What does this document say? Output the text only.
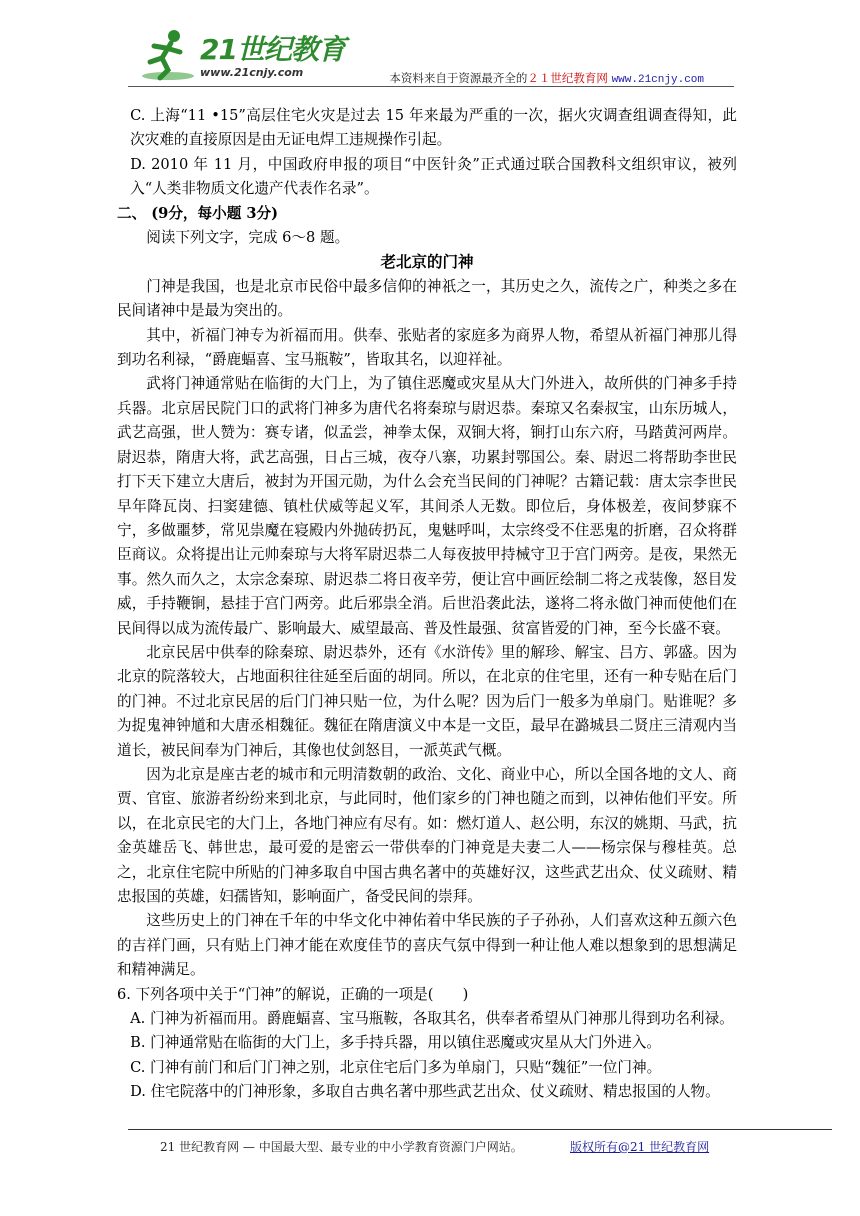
21世纪教育
www.21cnjy.com	本资料来自于资源最齐全的２１世纪教育网 www.21cnjy.com

C. 上海“11 •15”高层住宅火灾是过去 15 年来最为严重的一次，据火灾调查组调查得知，此次灾难的直接原因是由无证电焊工违规操作引起。

D. 2010 年 11 月，中国政府申报的项目“中医针灸”正式通过联合国教科文组织审议，被列入“人类非物质文化遗产代表作名录”。

二、 (9分，每小题 3分)

阅读下列文字，完成 6～8 题。

老北京的门神

门神是我国，也是北京市民俗中最多信仰的神祇之一，其历史之久，流传之广，种类之多在民间诸神中是最为突出的。

其中，祈福门神专为祈福而用。供奉、张贴者的家庭多为商界人物，希望从祈福门神那儿得到功名利禄，“爵鹿蝠喜、宝马瓶鞍”，皆取其名，以迎祥祉。

武将门神通常贴在临街的大门上，为了镇住恶魔或灾星从大门外进入，故所供的门神多手持兵器。北京居民院门口的武将门神多为唐代名将秦琼与尉迟恭。秦琼又名秦叔宝，山东历城人，武艺高强，世人赞为：赛专诸，似孟尝，神拳太保，双锏大将，锏打山东六府，马踏黄河两岸。尉迟恭，隋唐大将，武艺高强，日占三城，夜夺八寨，功累封鄂国公。秦、尉迟二将帮助李世民打下天下建立大唐后，被封为开国元勋，为什么会充当民间的门神呢？古籍记载：唐太宗李世民早年降瓦岗、扫窦建德、镇杜伏威等起义军，其间杀人无数。即位后，身体极差，夜间梦寐不宁，多做噩梦，常见祟魔在寝殿内外抛砖扔瓦，鬼魅呼叫，太宗终受不住恶鬼的折磨，召众将群臣商议。众将提出让元帅秦琼与大将军尉迟恭二人每夜披甲持械守卫于宫门两旁。是夜，果然无事。然久而久之，太宗念秦琼、尉迟恭二将日夜辛劳，便让宫中画匠绘制二将之戎装像，怒目发威，手持鞭锏，悬挂于宫门两旁。此后邪祟全消。后世沿袭此法，遂将二将永做门神而使他们在民间得以成为流传最广、影响最大、威望最高、普及性最强、贫富皆爱的门神，至今长盛不衰。

北京民居中供奉的除秦琼、尉迟恭外，还有《水浒传》里的解珍、解宝、吕方、郭盛。因为北京的院落较大，占地面积往往延至后面的胡同。所以，在北京的住宅里，还有一种专贴在后门的门神。不过北京民居的后门门神只贴一位，为什么呢？因为后门一般多为单扇门。贴谁呢？多为捉鬼神钟馗和大唐丞相魏征。魏征在隋唐演义中本是一文臣，最早在潞城县二贤庄三清观内当道长，被民间奉为门神后，其像也仗剑怒目，一派英武气概。

因为北京是座古老的城市和元明清数朝的政治、文化、商业中心，所以全国各地的文人、商贾、官宦、旅游者纷纷来到北京，与此同时，他们家乡的门神也随之而到，以神佑他们平安。所以，在北京民宅的大门上，各地门神应有尽有。如：燃灯道人、赵公明，东汉的姚期、马武，抗金英雄岳飞、韩世忠，最可爱的是密云一带供奉的门神竟是夫妻二人——杨宗保与穆桂英。总之，北京住宅院中所贴的门神多取自中国古典名著中的英雄好汉，这些武艺出众、仗义疏财、精忠报国的英雄，妇孺皆知，影响面广，备受民间的崇拜。

这些历史上的门神在千年的中华文化中神佑着中华民族的子子孙孙，人们喜欢这种五颜六色的吉祥门画，只有贴上门神才能在欢度佳节的喜庆气氛中得到一种让他人难以想象到的思想满足和精神满足。

6. 下列各项中关于“门神”的解说，正确的一项是(　　)

A. 门神为祈福而用。爵鹿蝠喜、宝马瓶鞍，各取其名，供奉者希望从门神那儿得到功名利禄。

B. 门神通常贴在临街的大门上，多手持兵器，用以镇住恶魔或灾星从大门外进入。

C. 门神有前门和后门门神之别，北京住宅后门多为单扇门，只贴“魏征”一位门神。

D. 住宅院落中的门神形象，多取自古典名著中那些武艺出众、仗义疏财、精忠报国的人物。

21 世纪教育网 — 中国最大型、最专业的中小学教育资源门户网站。	版权所有@21 世纪教育网
